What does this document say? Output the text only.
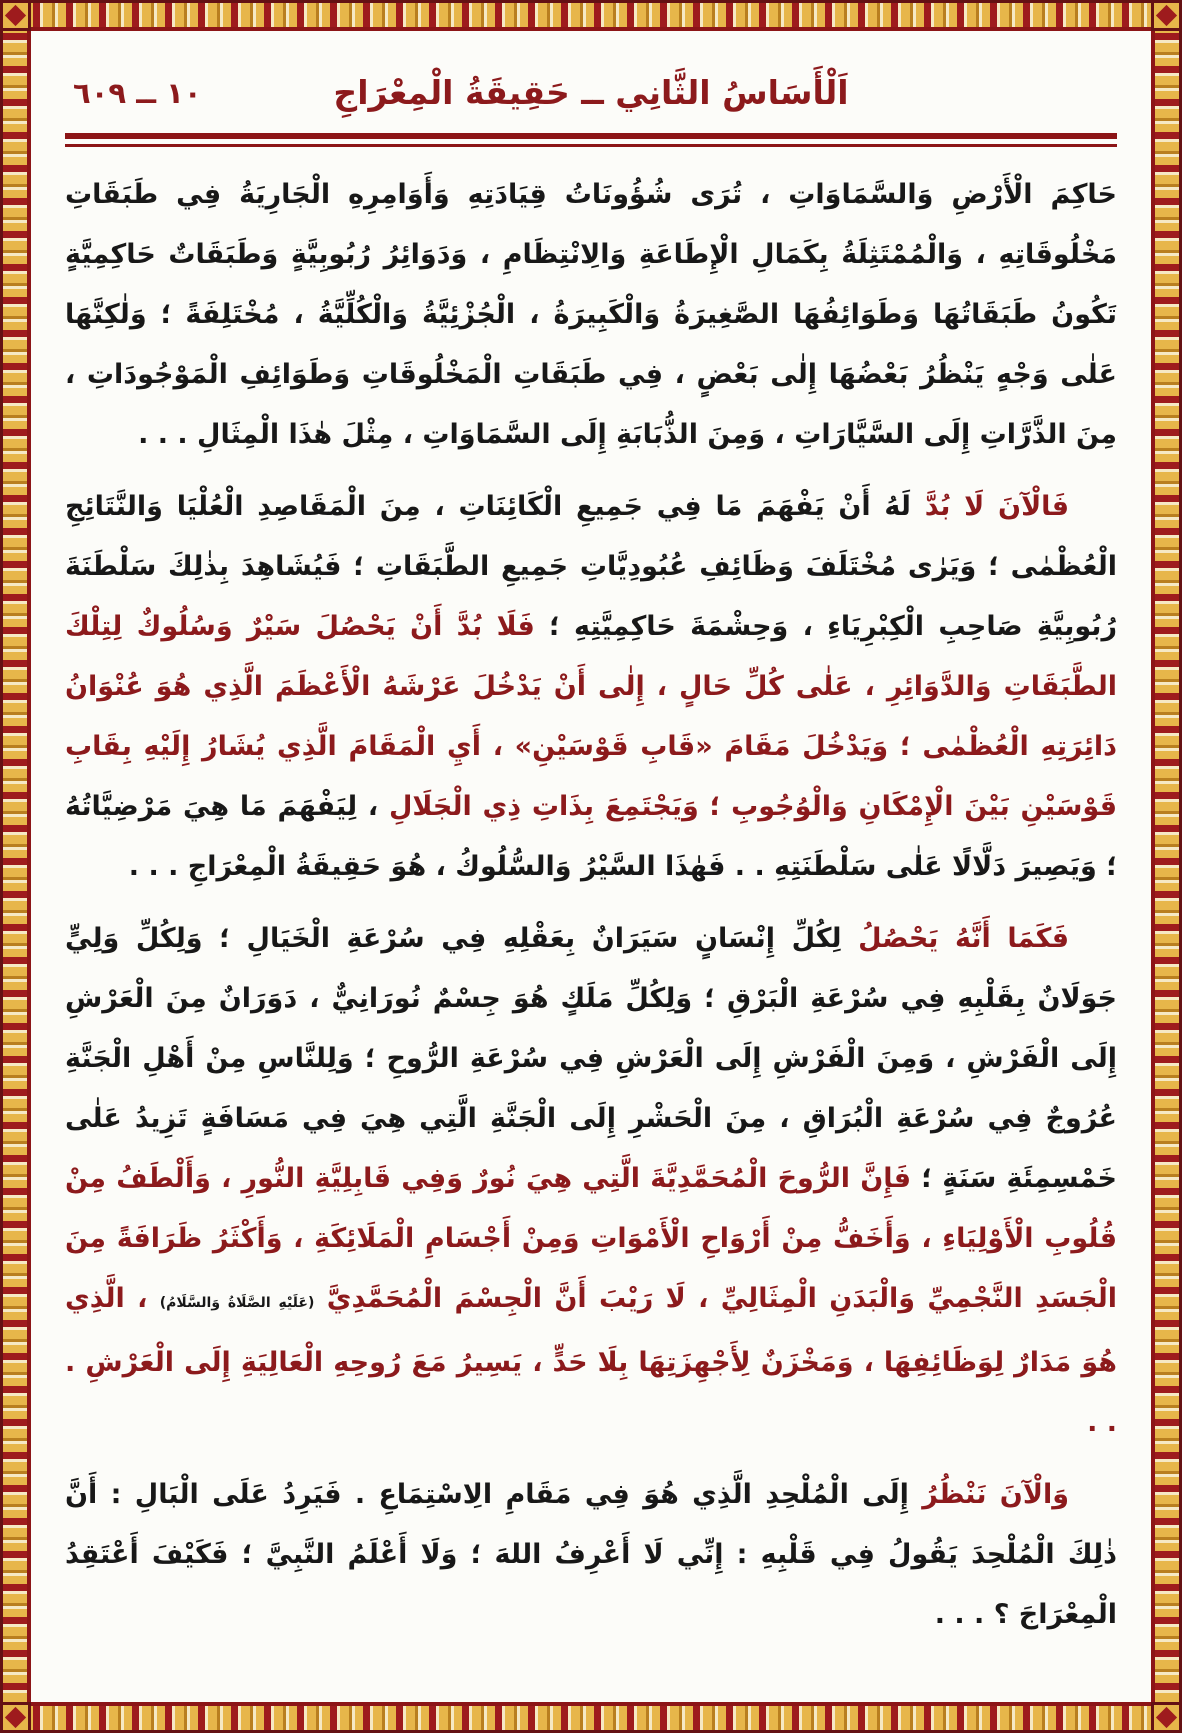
اَلْأَسَاسُ الثَّانِي ــ حَقِيقَةُ الْمِعْرَاجِ
١٠ ــ ٦٠٩
حَاكِمَ الْأَرْضِ وَالسَّمَاوَاتِ ، تُرَى شُؤُونَاتُ قِيَادَتِهِ وَأَوَامِرِهِ الْجَارِيَةُ فِي طَبَقَاتِ مَخْلُوقَاتِهِ ، وَالْمُمْتَثِلَةُ بِكَمَالِ الْإِطَاعَةِ وَالِانْتِظَامِ ، وَدَوَائِرُ رُبُوبِيَّةٍ وَطَبَقَاتٌ حَاكِمِيَّةٍ تَكُونُ طَبَقَاتُهَا وَطَوَائِفُهَا الصَّغِيرَةُ وَالْكَبِيرَةُ ، الْجُزْئِيَّةُ وَالْكُلِّيَّةُ ، مُخْتَلِفَةً ؛ وَلٰكِنَّهَا عَلٰى وَجْهٍ يَنْظُرُ بَعْضُهَا إِلٰى بَعْضٍ ، فِي طَبَقَاتِ الْمَخْلُوقَاتِ وَطَوَائِفِ الْمَوْجُودَاتِ ، مِنَ الذَّرَّاتِ إِلَى السَّيَّارَاتِ ، وَمِنَ الذُّبَابَةِ إِلَى السَّمَاوَاتِ ، مِثْلَ هٰذَا الْمِثَالِ . . .
فَالْآنَ لَا بُدَّ لَهُ أَنْ يَفْهَمَ مَا فِي جَمِيعِ الْكَائِنَاتِ ، مِنَ الْمَقَاصِدِ الْعُلْيَا وَالنَّتَائِجِ الْعُظْمٰى ؛ وَيَرٰى مُخْتَلَفَ وَظَائِفِ عُبُودِيَّاتِ جَمِيعِ الطَّبَقَاتِ ؛ فَيُشَاهِدَ بِذٰلِكَ سَلْطَنَةَ رُبُوبِيَّةِ صَاحِبِ الْكِبْرِيَاءِ ، وَحِشْمَةَ حَاكِمِيَّتِهِ ؛ فَلَا بُدَّ أَنْ يَحْصُلَ سَيْرٌ وَسُلُوكٌ لِتِلْكَ الطَّبَقَاتِ وَالدَّوَائِرِ ، عَلٰى كُلِّ حَالٍ ، إِلٰى أَنْ يَدْخُلَ عَرْشَهُ الْأَعْظَمَ الَّذِي هُوَ عُنْوَانُ دَائِرَتِهِ الْعُظْمٰى ؛ وَيَدْخُلَ مَقَامَ «قَابِ قَوْسَيْنِ» ، أَيِ الْمَقَامَ الَّذِي يُشَارُ إِلَيْهِ بِقَابِ قَوْسَيْنِ بَيْنَ الْإِمْكَانِ وَالْوُجُوبِ ؛ وَيَجْتَمِعَ بِذَاتِ ذِي الْجَلَالِ ، لِيَفْهَمَ مَا هِيَ مَرْضِيَّاتُهُ ؛ وَيَصِيرَ دَلَّالًا عَلٰى سَلْطَنَتِهِ . . فَهٰذَا السَّيْرُ وَالسُّلُوكُ ، هُوَ حَقِيقَةُ الْمِعْرَاجِ . . .
فَكَمَا أَنَّهُ يَحْصُلُ لِكُلِّ إِنْسَانٍ سَيَرَانٌ بِعَقْلِهِ فِي سُرْعَةِ الْخَيَالِ ؛ وَلِكُلِّ وَلِيٍّ جَوَلَانٌ بِقَلْبِهِ فِي سُرْعَةِ الْبَرْقِ ؛ وَلِكُلِّ مَلَكٍ هُوَ جِسْمٌ نُورَانِيٌّ ، دَوَرَانٌ مِنَ الْعَرْشِ إِلَى الْفَرْشِ ، وَمِنَ الْفَرْشِ إِلَى الْعَرْشِ فِي سُرْعَةِ الرُّوحِ ؛ وَلِلنَّاسِ مِنْ أَهْلِ الْجَنَّةِ عُرُوجٌ فِي سُرْعَةِ الْبُرَاقِ ، مِنَ الْحَشْرِ إِلَى الْجَنَّةِ الَّتِي هِيَ فِي مَسَافَةٍ تَزِيدُ عَلٰى خَمْسِمِئَةِ سَنَةٍ ؛ فَإِنَّ الرُّوحَ الْمُحَمَّدِيَّةَ الَّتِي هِيَ نُورٌ وَفِي قَابِلِيَّةِ النُّورِ ، وَأَلْطَفُ مِنْ قُلُوبِ الْأَوْلِيَاءِ ، وَأَخَفُّ مِنْ أَرْوَاحِ الْأَمْوَاتِ وَمِنْ أَجْسَامِ الْمَلَائِكَةِ ، وَأَكْثَرُ ظَرَافَةً مِنَ الْجَسَدِ النَّجْمِيِّ وَالْبَدَنِ الْمِثَالِيِّ ، لَا رَيْبَ أَنَّ الْجِسْمَ الْمُحَمَّدِيَّ (عَلَيْهِ الصَّلَاةُ وَالسَّلَامُ) ، الَّذِي هُوَ مَدَارٌ لِوَظَائِفِهَا ، وَمَخْزَنٌ لِأَجْهِزَتِهَا بِلَا حَدٍّ ، يَسِيرُ مَعَ رُوحِهِ الْعَالِيَةِ إِلَى الْعَرْشِ . . .
وَالْآنَ نَنْظُرُ إِلَى الْمُلْحِدِ الَّذِي هُوَ فِي مَقَامِ الِاسْتِمَاعِ . فَيَرِدُ عَلَى الْبَالِ : أَنَّ ذٰلِكَ الْمُلْحِدَ يَقُولُ فِي قَلْبِهِ : إِنِّي لَا أَعْرِفُ اللهَ ؛ وَلَا أَعْلَمُ النَّبِيَّ ؛ فَكَيْفَ أَعْتَقِدُ الْمِعْرَاجَ ؟ . . .
